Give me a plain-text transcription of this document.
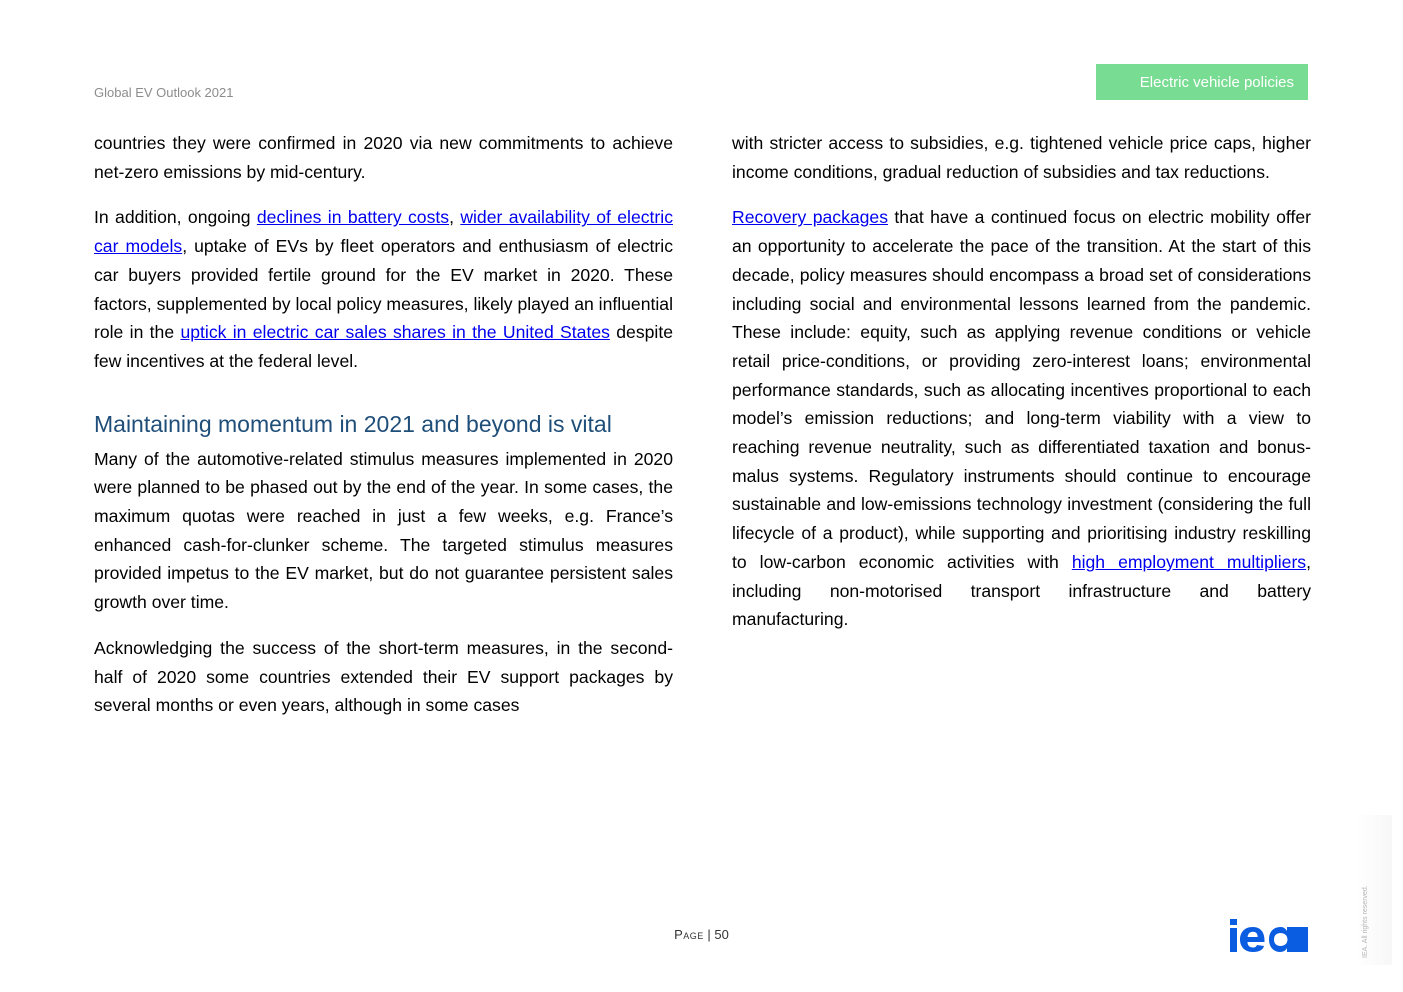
Global EV Outlook 2021
Electric vehicle policies

countries they were confirmed in 2020 via new commitments to achieve net-zero emissions by mid-century.

In addition, ongoing declines in battery costs, wider availability of electric car models, uptake of EVs by fleet operators and enthusiasm of electric car buyers provided fertile ground for the EV market in 2020. These factors, supplemented by local policy measures, likely played an influential role in the uptick in electric car sales shares in the United States despite few incentives at the federal level.

Maintaining momentum in 2021 and beyond is vital

Many of the automotive-related stimulus measures implemented in 2020 were planned to be phased out by the end of the year. In some cases, the maximum quotas were reached in just a few weeks, e.g. France’s enhanced cash-for-clunker scheme. The targeted stimulus measures provided impetus to the EV market, but do not guarantee persistent sales growth over time.

Acknowledging the success of the short-term measures, in the second-half of 2020 some countries extended their EV support packages by several months or even years, although in some cases

with stricter access to subsidies, e.g. tightened vehicle price caps, higher income conditions, gradual reduction of subsidies and tax reductions.

Recovery packages that have a continued focus on electric mobility offer an opportunity to accelerate the pace of the transition. At the start of this decade, policy measures should encompass a broad set of considerations including social and environmental lessons learned from the pandemic. These include: equity, such as applying revenue conditions or vehicle retail price-conditions, or providing zero-interest loans; environmental performance standards, such as allocating incentives proportional to each model’s emission reductions; and long-term viability with a view to reaching revenue neutrality, such as differentiated taxation and bonus-malus systems. Regulatory instruments should continue to encourage sustainable and low-emissions technology investment (considering the full lifecycle of a product), while supporting and prioritising industry reskilling to low-carbon economic activities with high employment multipliers, including non-motorised transport infrastructure and battery manufacturing.

Page | 50	IEA. All rights reserved.
